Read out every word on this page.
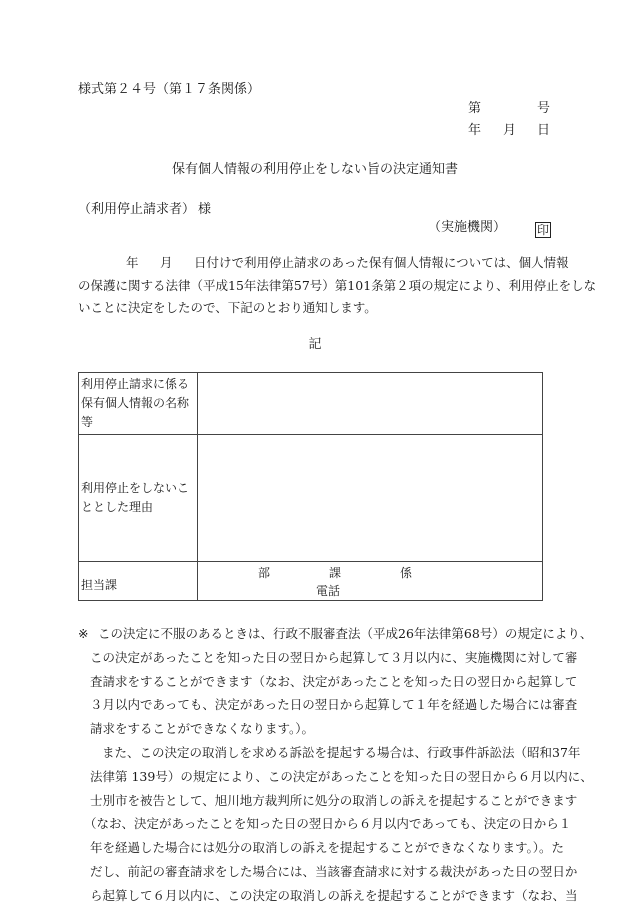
様式第２４号（第１７条関係）
第	号
年 月 日
保有個人情報の利用停止をしない旨の決定通知書
（利用停止請求者） 様
（実施機関）	印
年 月 日付けで利用停止請求のあった保有個人情報については、個人情報
の保護に関する法律（平成15年法律第57号）第101条第２項の規定により、利用停止をしな
いことに決定をしたので、下記のとおり通知します。
記
利用停止請求に係る
保有個人情報の名称
等	

利用停止をしないこ
ととした理由	

担当課	部 課 係
電話
※ この決定に不服のあるときは、行政不服審査法（平成26年法律第68号）の規定により、
この決定があったことを知った日の翌日から起算して３月以内に、実施機関に対して審
査請求をすることができます（なお、決定があったことを知った日の翌日から起算して
３月以内であっても、決定があった日の翌日から起算して１年を経過した場合には審査
請求をすることができなくなります。）。
また、この決定の取消しを求める訴訟を提起する場合は、行政事件訴訟法（昭和37年
法律第 139号）の規定により、この決定があったことを知った日の翌日から６月以内に、
士別市を被告として、旭川地方裁判所に処分の取消しの訴えを提起することができます
（なお、決定があったことを知った日の翌日から６月以内であっても、決定の日から１
年を経過した場合には処分の取消しの訴えを提起することができなくなります。）。た
だし、前記の審査請求をした場合には、当該審査請求に対する裁決があった日の翌日か
ら起算して６月以内に、この決定の取消しの訴えを提起することができます（なお、当
